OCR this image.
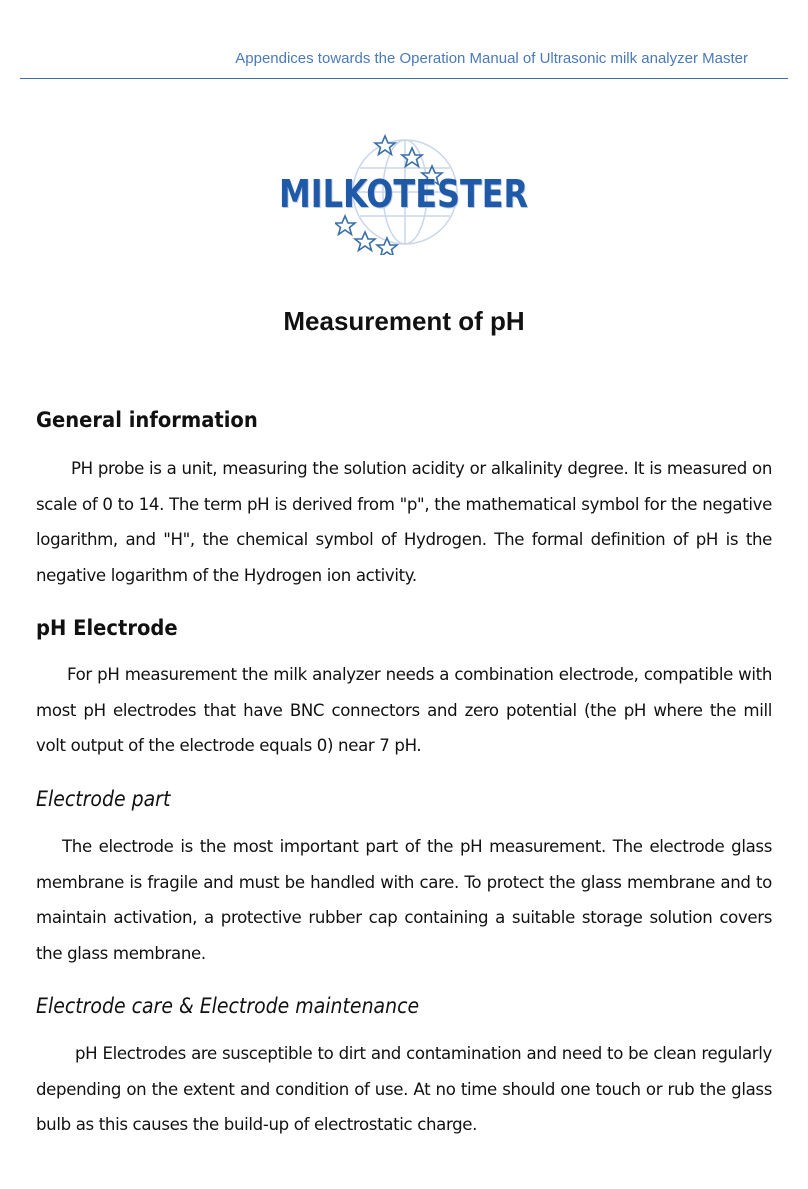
Appendices towards the Operation Manual of Ultrasonic milk analyzer Master
MILKOTESTER
Measurement of pH
General information

PH probe is a unit, measuring the solution acidity or alkalinity degree. It is measured on scale of 0 to 14. The term pH is derived from "p", the mathematical symbol for the negative logarithm, and "H", the chemical symbol of Hydrogen. The formal definition of pH is the negative logarithm of the Hydrogen ion activity.

pH Electrode

For pH measurement the milk analyzer needs a combination electrode, compatible with most pH electrodes that have BNC connectors and zero potential (the pH where the mill volt output of the electrode equals 0) near 7 pH.

Electrode part

The electrode is the most important part of the pH measurement. The electrode glass membrane is fragile and must be handled with care. To protect the glass membrane and to maintain activation, a protective rubber cap containing a suitable storage solution covers the glass membrane.

Electrode care & Electrode maintenance

pH Electrodes are susceptible to dirt and contamination and need to be clean regularly depending on the extent and condition of use. At no time should one touch or rub the glass bulb as this causes the build-up of electrostatic charge.
